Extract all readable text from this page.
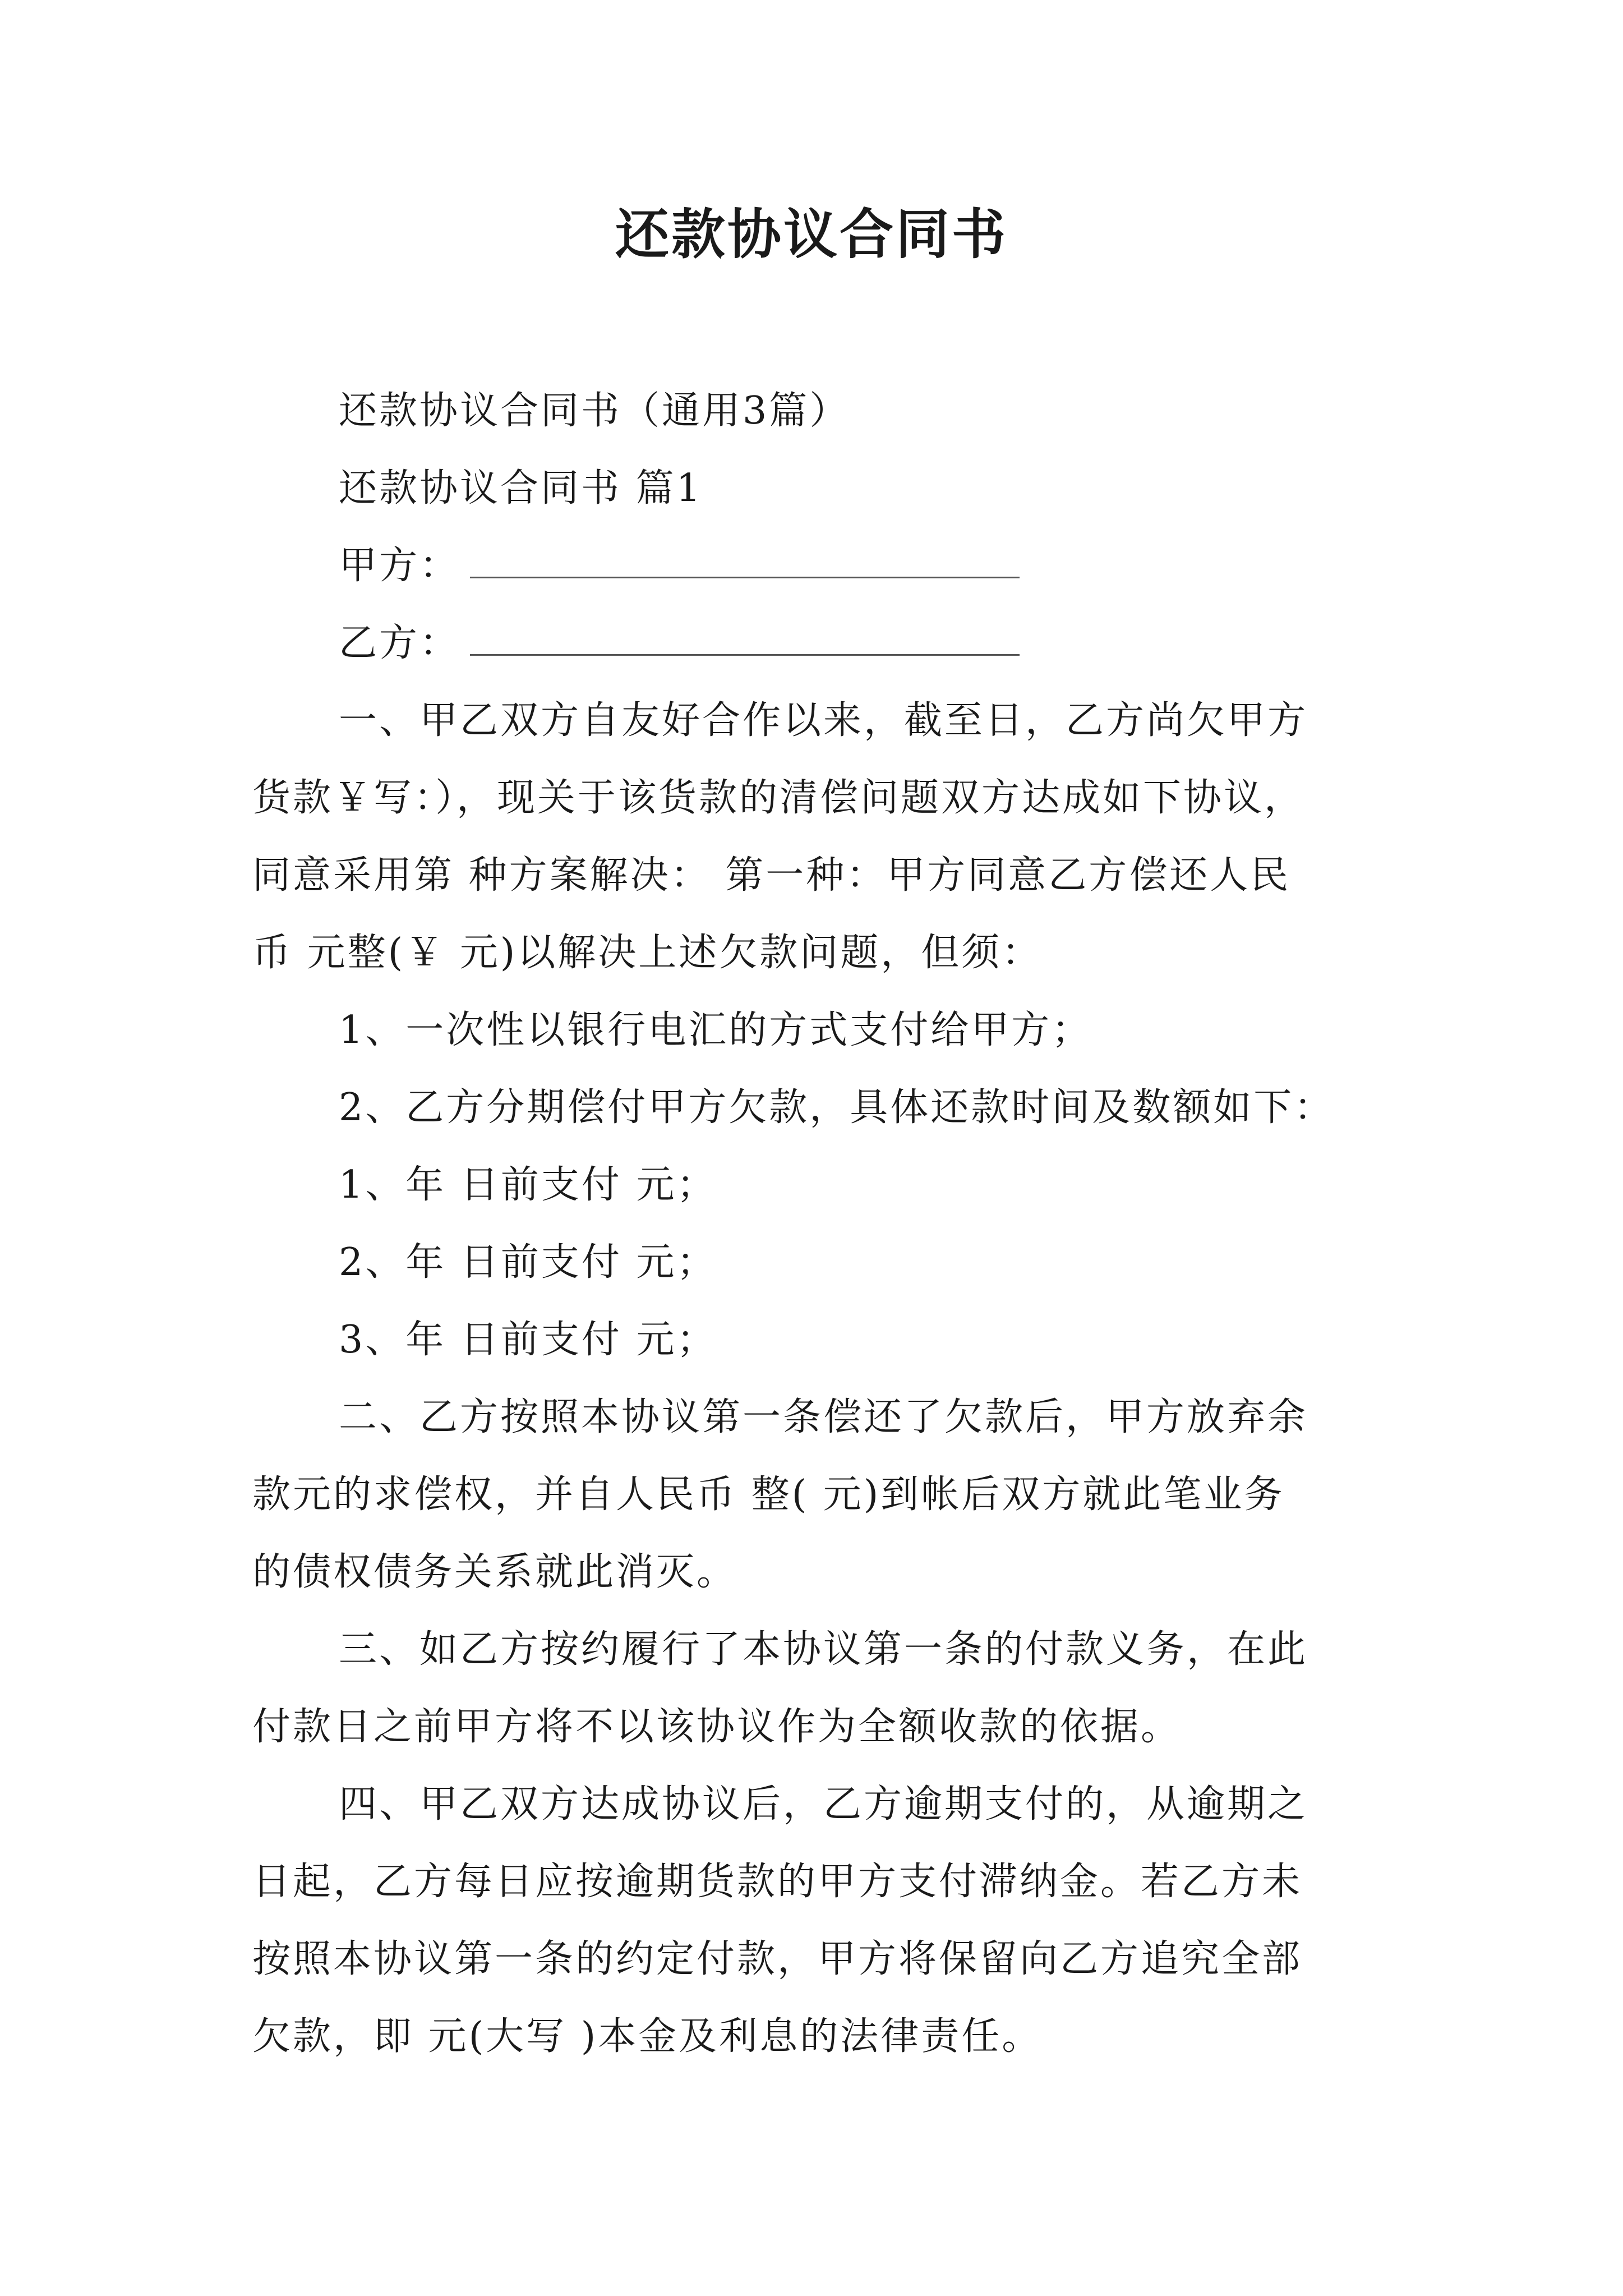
还款协议合同书

还款协议合同书（通用3篇）

还款协议合同书 篇1

甲方：

乙方：

一、甲乙双方自友好合作以来，截至日，乙方尚欠甲方

货款￥写：），现关于该货款的清偿问题双方达成如下协议，

同意采用第 种方案解决： 第一种：甲方同意乙方偿还人民

币 元整(￥ 元)以解决上述欠款问题，但须：

1、一次性以银行电汇的方式支付给甲方；

2、乙方分期偿付甲方欠款，具体还款时间及数额如下：

1、年 日前支付 元；

2、年 日前支付 元；

3、年 日前支付 元；

二、乙方按照本协议第一条偿还了欠款后，甲方放弃余

款元的求偿权，并自人民币 整( 元)到帐后双方就此笔业务

的债权债务关系就此消灭。

三、如乙方按约履行了本协议第一条的付款义务，在此

付款日之前甲方将不以该协议作为全额收款的依据。

四、甲乙双方达成协议后，乙方逾期支付的，从逾期之

日起，乙方每日应按逾期货款的甲方支付滞纳金。若乙方未

按照本协议第一条的约定付款，甲方将保留向乙方追究全部

欠款，即 元(大写 )本金及利息的法律责任。
